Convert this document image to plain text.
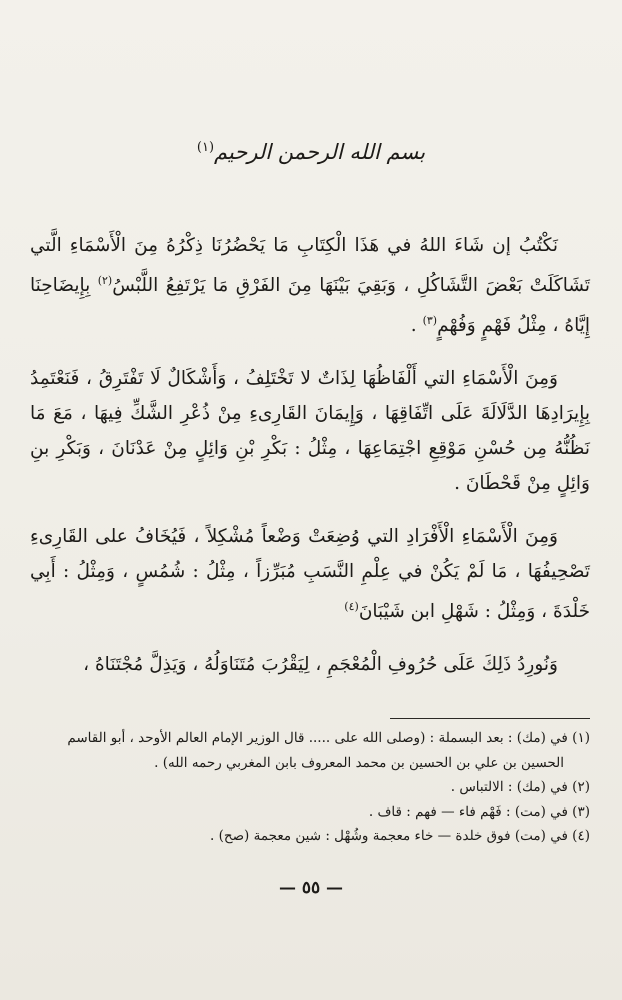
بسم الله الرحمن الرحيم$^{(١)}$

نَكْتُبُ إن شَاءَ اللهُ في هَذَا الْكِتَابِ مَا يَحْضُرُنَا ذِكْرُهُ مِنَ الْأَسْمَاءِ الَّتي تَشَاكَلَتْ بَعْضَ التَّشَاكُلِ ، وَبَقِيَ بَيْنَهَا مِنَ الفَرْقِ مَا يَرْتَفِعُ اللَّبْسُ$^{(٢)}$ بِإِيضَاحِنَا إِيَّاهُ ، مِثْلُ فَهْمٍ وَفُهْمٍ$^{(٣)}$ .

وَمِنَ الْأَسْمَاءِ التي أَلْفَاظُهَا لِذَاتٌ لا تَخْتَلِفُ ، وَأَشْكَالٌ لَا تَفْتَرِقُ ، فَنَعْتَمِدُ بِإِيرَادِهَا الدَّلَالَةَ عَلَى اتِّفَاقِهَا ، وَإِيمَانَ القَارِىءِ مِنْ ذُعْرِ الشَّكِّ فِيهَا ، مَعَ مَا نَظُنُّهُ مِن حُسْنِ مَوْقِعِ اجْتِمَاعِهَا ، مِثْلُ : بَكْرِ بْنِ وَائِلٍ مِنْ عَدْنَانَ ، وَبَكْرِ بنِ وَائِلٍ مِنْ قَحْطَانَ .

وَمِنَ الْأَسْمَاءِ الْأَفْرَادِ التي وُضِعَتْ وَضْعاً مُشْكِلاً ، فَيُخَافُ على القَارِىءِ تَصْحِيفُهَا ، مَا لَمْ يَكُنْ في عِلْمِ النَّسَبِ مُبَرِّزاً ، مِثْلُ : شُمُسٍ ، وَمِثْلُ : أَبِي خَلْدَةَ ، وَمِثْلُ : شَهْلِ ابن شَيْبَانَ$^{(٤)}$

وَنُورِدُ ذَلِكَ عَلَى حُرُوفِ الْمُعْجَمِ ، لِيَقْرُبَ مُتَنَاوَلُهُ ، وَيَذِلَّ مُجْتَنَاهُ ،

(١) في (مك) : بعد البسملة : (وصلى الله على ..... قال الوزير الإمام العالم الأوحد ، أبو القاسم

الحسين بن علي بن الحسين بن محمد المعروف بابن المغربي رحمه الله) .

(٢) في (مك) : الالتباس .

(٣) في (مت) : فَهْم فاء — فهم : قاف .

(٤) في (مت) فوق خلدة — خاء معجمة وشُهْل : شين معجمة (صح) .

— ٥٥ —
